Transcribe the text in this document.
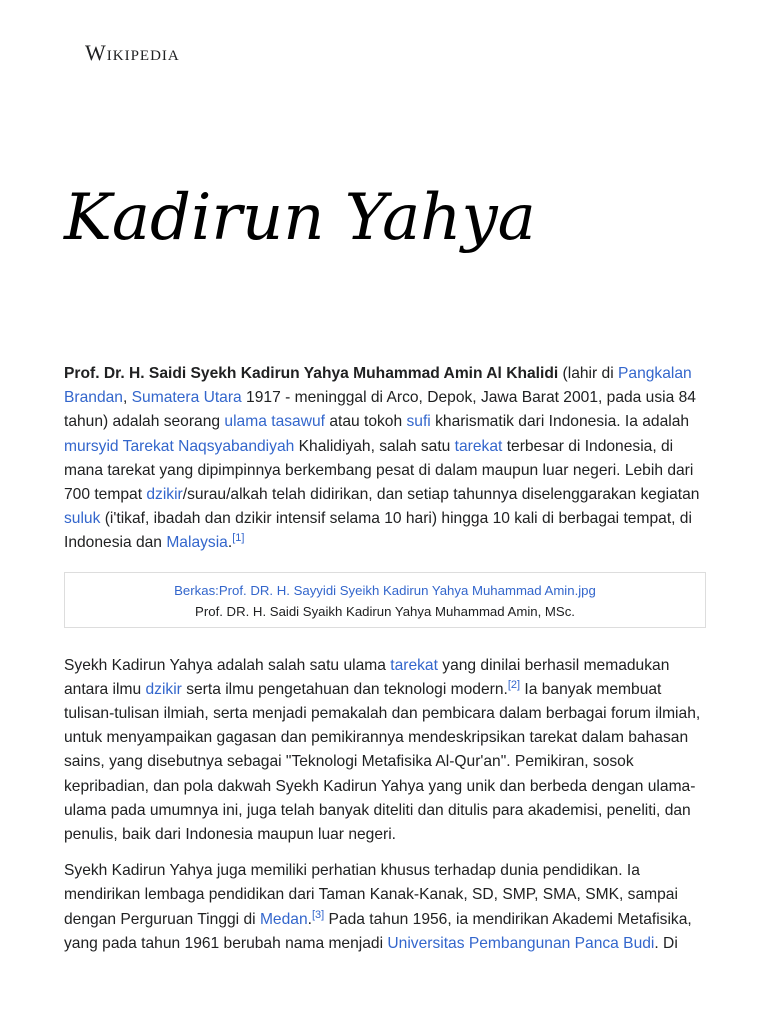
Wikipedia
Kadirun Yahya

Prof. Dr. H. Saidi Syekh Kadirun Yahya Muhammad Amin Al Khalidi (lahir di Pangkalan Brandan, Sumatera Utara 1917 - meninggal di Arco, Depok, Jawa Barat 2001, pada usia 84 tahun) adalah seorang ulama tasawuf atau tokoh sufi kharismatik dari Indonesia. Ia adalah mursyid Tarekat Naqsyabandiyah Khalidiyah, salah satu tarekat terbesar di Indonesia, di mana tarekat yang dipimpinnya berkembang pesat di dalam maupun luar negeri. Lebih dari 700 tempat dzikir/surau/alkah telah didirikan, dan setiap tahunnya diselenggarakan kegiatan suluk (i'tikaf, ibadah dan dzikir intensif selama 10 hari) hingga 10 kali di berbagai tempat, di Indonesia dan Malaysia.[1]

Berkas:Prof. DR. H. Sayyidi Syeikh Kadirun Yahya Muhammad Amin.jpg
Prof. DR. H. Saidi Syaikh Kadirun Yahya Muhammad Amin, MSc.

Syekh Kadirun Yahya adalah salah satu ulama tarekat yang dinilai berhasil memadukan antara ilmu dzikir serta ilmu pengetahuan dan teknologi modern.[2] Ia banyak membuat tulisan-tulisan ilmiah, serta menjadi pemakalah dan pembicara dalam berbagai forum ilmiah, untuk menyampaikan gagasan dan pemikirannya mendeskripsikan tarekat dalam bahasan sains, yang disebutnya sebagai "Teknologi Metafisika Al-Qur'an". Pemikiran, sosok kepribadian, dan pola dakwah Syekh Kadirun Yahya yang unik dan berbeda dengan ulama-ulama pada umumnya ini, juga telah banyak diteliti dan ditulis para akademisi, peneliti, dan penulis, baik dari Indonesia maupun luar negeri.

Syekh Kadirun Yahya juga memiliki perhatian khusus terhadap dunia pendidikan. Ia mendirikan lembaga pendidikan dari Taman Kanak-Kanak, SD, SMP, SMA, SMK, sampai dengan Perguruan Tinggi di Medan.[3] Pada tahun 1956, ia mendirikan Akademi Metafisika, yang pada tahun 1961 berubah nama menjadi Universitas Pembangunan Panca Budi. Di
